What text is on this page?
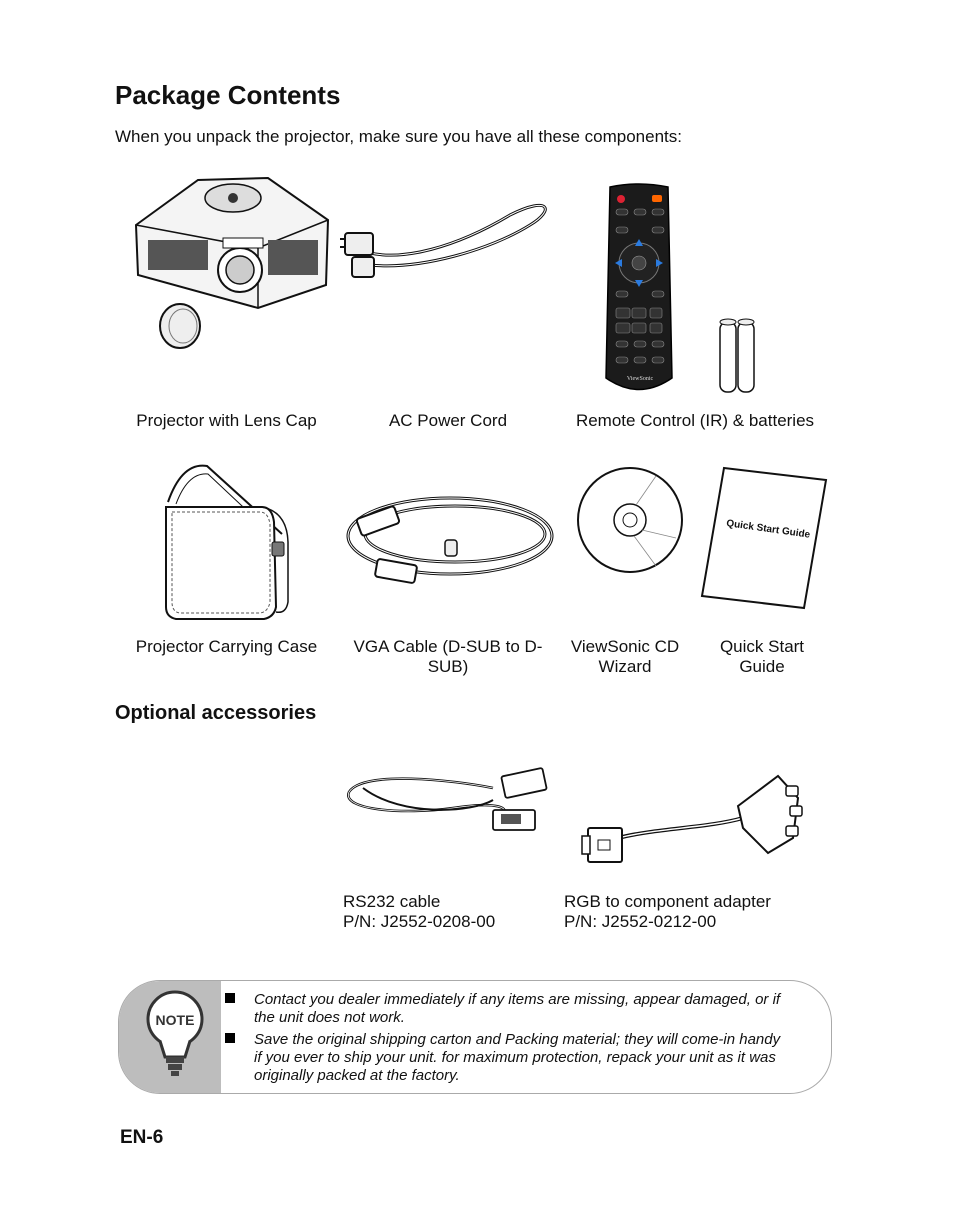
Package Contents
When you unpack the projector, make sure you have all these components:
ViewSonic
Projector with Lens Cap	AC Power Cord	Remote Control (IR) & batteries
Quick Start Guide
Projector Carrying Case	VGA Cable (D-SUB to D-
SUB)
ViewSonic CD
Wizard
Quick Start
Guide
Optional accessories
RS232 cable
P/N: J2552-0208-00
RGB to component adapter
P/N: J2552-0212-00
NOTE
Contact you dealer immediately if any items are missing, appear damaged, or if
the unit does not work.
Save the original shipping carton and Packing material; they will come-in handy
if you ever to ship your unit. for maximum protection, repack your unit as it was
originally packed at the factory.
EN-6
